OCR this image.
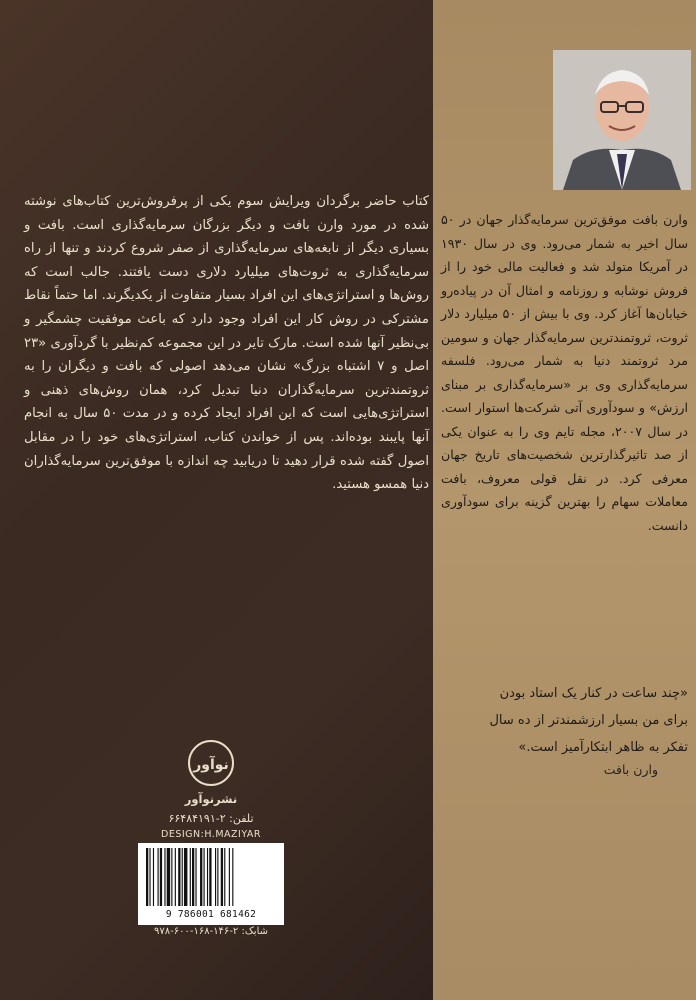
کتاب حاضر برگردان ویرایش سوم یکی از پرفروش‌ترین کتاب‌های نوشته شده در مورد وارن بافت و دیگر بزرگان سرمایه‌گذاری است. بافت و بسیاری دیگر از نابغه‌های سرمایه‌گذاری از صفر شروع کردند و تنها از راه سرمایه‌گذاری به ثروت‌های میلیارد دلاری دست یافتند. جالب است که روش‌ها و استراتژی‌های این افراد بسیار متفاوت از یکدیگرند. اما حتماً نقاط مشترکی در روش کار این افراد وجود دارد که باعث موفقیت چشمگیر و بی‌نظیر آنها شده است. مارک تایر در این مجموعه کم‌نظیر با گردآوری «۲۳ اصل و ۷ اشتباه بزرگ» نشان می‌دهد اصولی که بافت و دیگران را به ثروتمندترین سرمایه‌گذاران دنیا تبدیل کرد، همان روش‌های ذهنی و استراتژی‌هایی است که این افراد ایجاد کرده و در مدت ۵۰ سال به انجام آنها پایبند بوده‌اند. پس از خواندن کتاب، استراتژی‌های خود را در مقابل اصول گفته شده قرار دهید تا دریابید چه اندازه با موفق‌ترین سرمایه‌گذاران دنیا همسو هستید.

وارن بافت موفق‌ترین سرمایه‌گذار جهان در ۵۰ سال اخیر به شمار می‌رود. وی در سال ۱۹۳۰ در آمریکا متولد شد و فعالیت مالی خود را از فروش نوشابه و روزنامه و امثال آن در پیاده‌رو خیابان‌ها آغاز کرد. وی با بیش از ۵۰ میلیارد دلار ثروت، ثروتمندترین سرمایه‌گذار جهان و سومین مرد ثروتمند دنیا به شمار می‌رود. فلسفه سرمایه‌گذاری وی بر «سرمایه‌گذاری بر مبنای ارزش» و سودآوری آتی شرکت‌ها استوار است. در سال ۲۰۰۷، مجله تایم وی را به عنوان یکی از صد تاثیرگذارترین شخصیت‌های تاریخ جهان معرفی کرد. در نقل قولی معروف، بافت معاملات سهام را بهترین گزینه برای سودآوری دانست.

«چند ساعت در کنار یک استاد بودن

برای من بسیار ارزشمندتر از ده سال

تفکر به ظاهر ابتکارآمیز است.»

وارن بافت
نوآور
نشرنوآور
تلفن: ۲-۶۶۴۸۴۱۹۱
DESIGN:H.MAZIYAR
9 786001 681462
شابک: ۲-۱۴۶-۱۶۸-۶۰۰-۹۷۸
